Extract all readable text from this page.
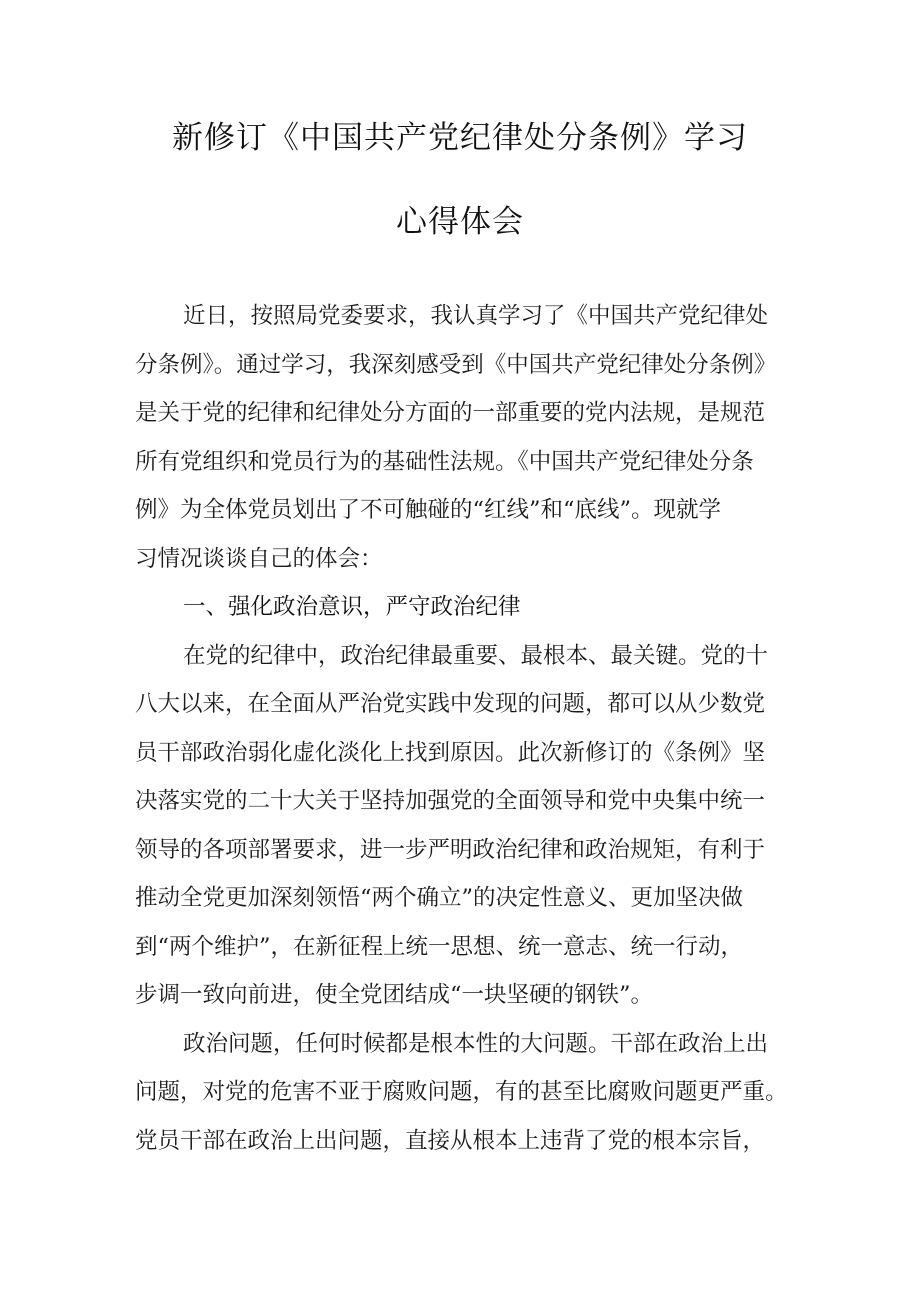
新修订《中国共产党纪律处分条例》学习
心得体会
近日，按照局党委要求，我认真学习了《中国共产党纪律处
分条例》。通过学习，我深刻感受到《中国共产党纪律处分条例》
是关于党的纪律和纪律处分方面的一部重要的党内法规，是规范
所有党组织和党员行为的基础性法规。《中国共产党纪律处分条
例》为全体党员划出了不可触碰的“红线”和“底线”。现就学
习情况谈谈自己的体会：
一、强化政治意识，严守政治纪律
在党的纪律中，政治纪律最重要、最根本、最关键。党的十
八大以来，在全面从严治党实践中发现的问题，都可以从少数党
员干部政治弱化虚化淡化上找到原因。此次新修订的《条例》坚
决落实党的二十大关于坚持加强党的全面领导和党中央集中统一
领导的各项部署要求，进一步严明政治纪律和政治规矩，有利于
推动全党更加深刻领悟“两个确立”的决定性意义、更加坚决做
到“两个维护”，在新征程上统一思想、统一意志、统一行动，
步调一致向前进，使全党团结成“一块坚硬的钢铁”。
政治问题，任何时候都是根本性的大问题。干部在政治上出
问题，对党的危害不亚于腐败问题，有的甚至比腐败问题更严重。
党员干部在政治上出问题，直接从根本上违背了党的根本宗旨，
